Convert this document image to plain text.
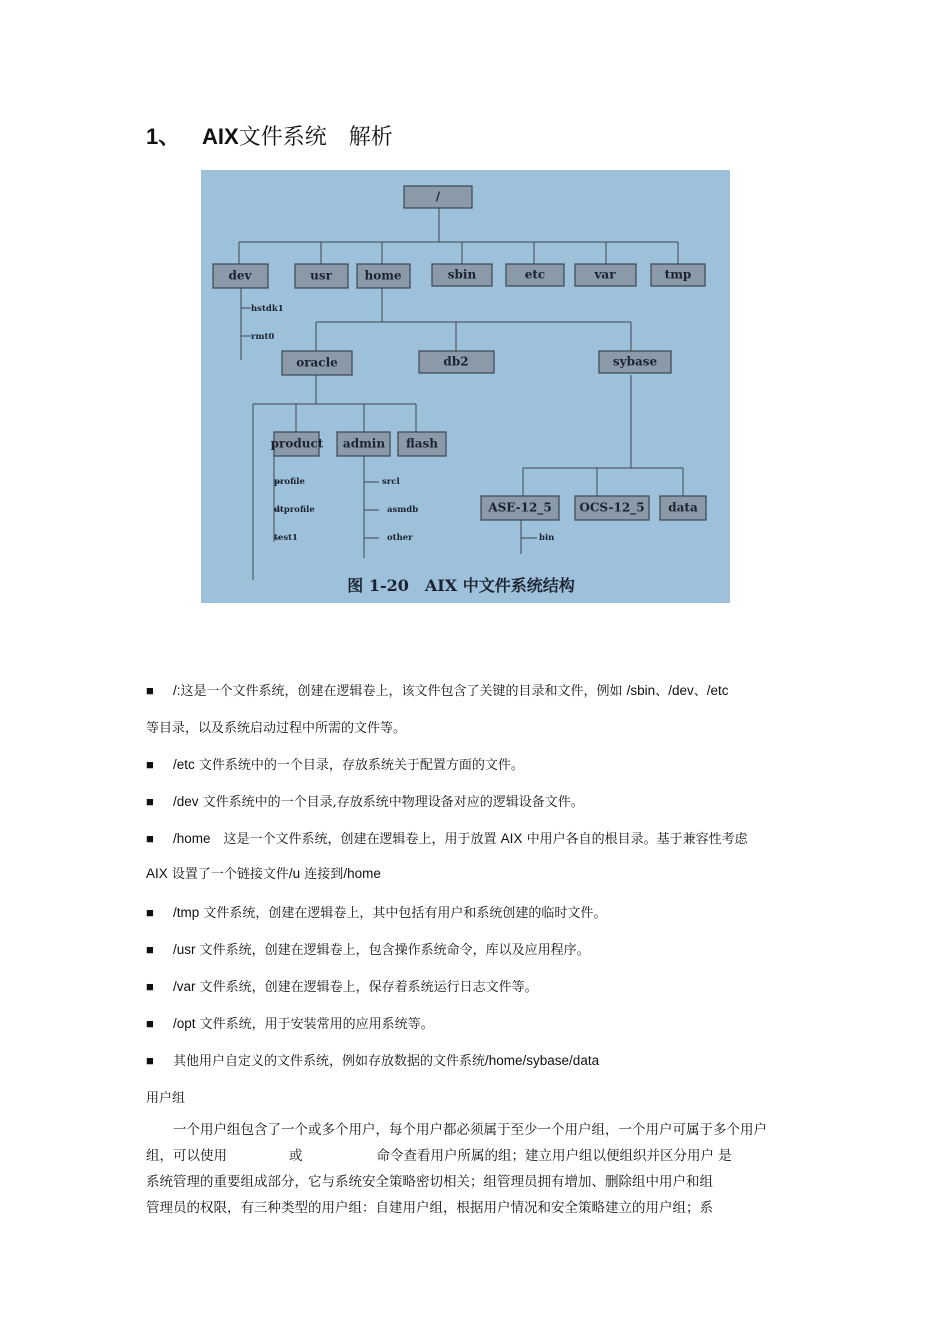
1、 AIX文件系统　解析
/
dev	usr	home	sbin	etc	var	tmp
oracle	db2	sybase
product admin flash
ASE-12_5 OCS-12_5 data
hstdk1
rmt0
profile
dtprofile
test1
srcl
asmdb
other	bin
图 1-20　AIX 中文件系统结构
■ /:这是一个文件系统，创建在逻辑卷上，该文件包含了关键的目录和文件，例如 /sbin、/dev、/etc
等目录，以及系统启动过程中所需的文件等。
■ /etc 文件系统中的一个目录，存放系统关于配置方面的文件。
■ /dev 文件系统中的一个目录,存放系统中物理设备对应的逻辑设备文件。
■ /home　这是一个文件系统，创建在逻辑卷上，用于放置 AIX 中用户各自的根目录。基于兼容性考虑
AIX 设置了一个链接文件/u 连接到/home
■ /tmp 文件系统，创建在逻辑卷上，其中包括有用户和系统创建的临时文件。
■ /usr 文件系统，创建在逻辑卷上，包含操作系统命令，库以及应用程序。
■ /var 文件系统，创建在逻辑卷上，保存着系统运行日志文件等。
■ /opt 文件系统，用于安装常用的应用系统等。
■ 其他用户自定义的文件系统，例如存放数据的文件系统/home/sybase/data
用户组
　　一个用户组包含了一个或多个用户，每个用户都必须属于至少一个用户组，一个用户可属于多个用户
组，可以使用	或	命令查看用户所属的组；建立用户组以便组织并区分用户 是
系统管理的重要组成部分，它与系统安全策略密切相关；组管理员拥有增加、删除组中用户和组
管理员的权限，有三种类型的用户组：自建用户组，根据用户情况和安全策略建立的用户组；系
